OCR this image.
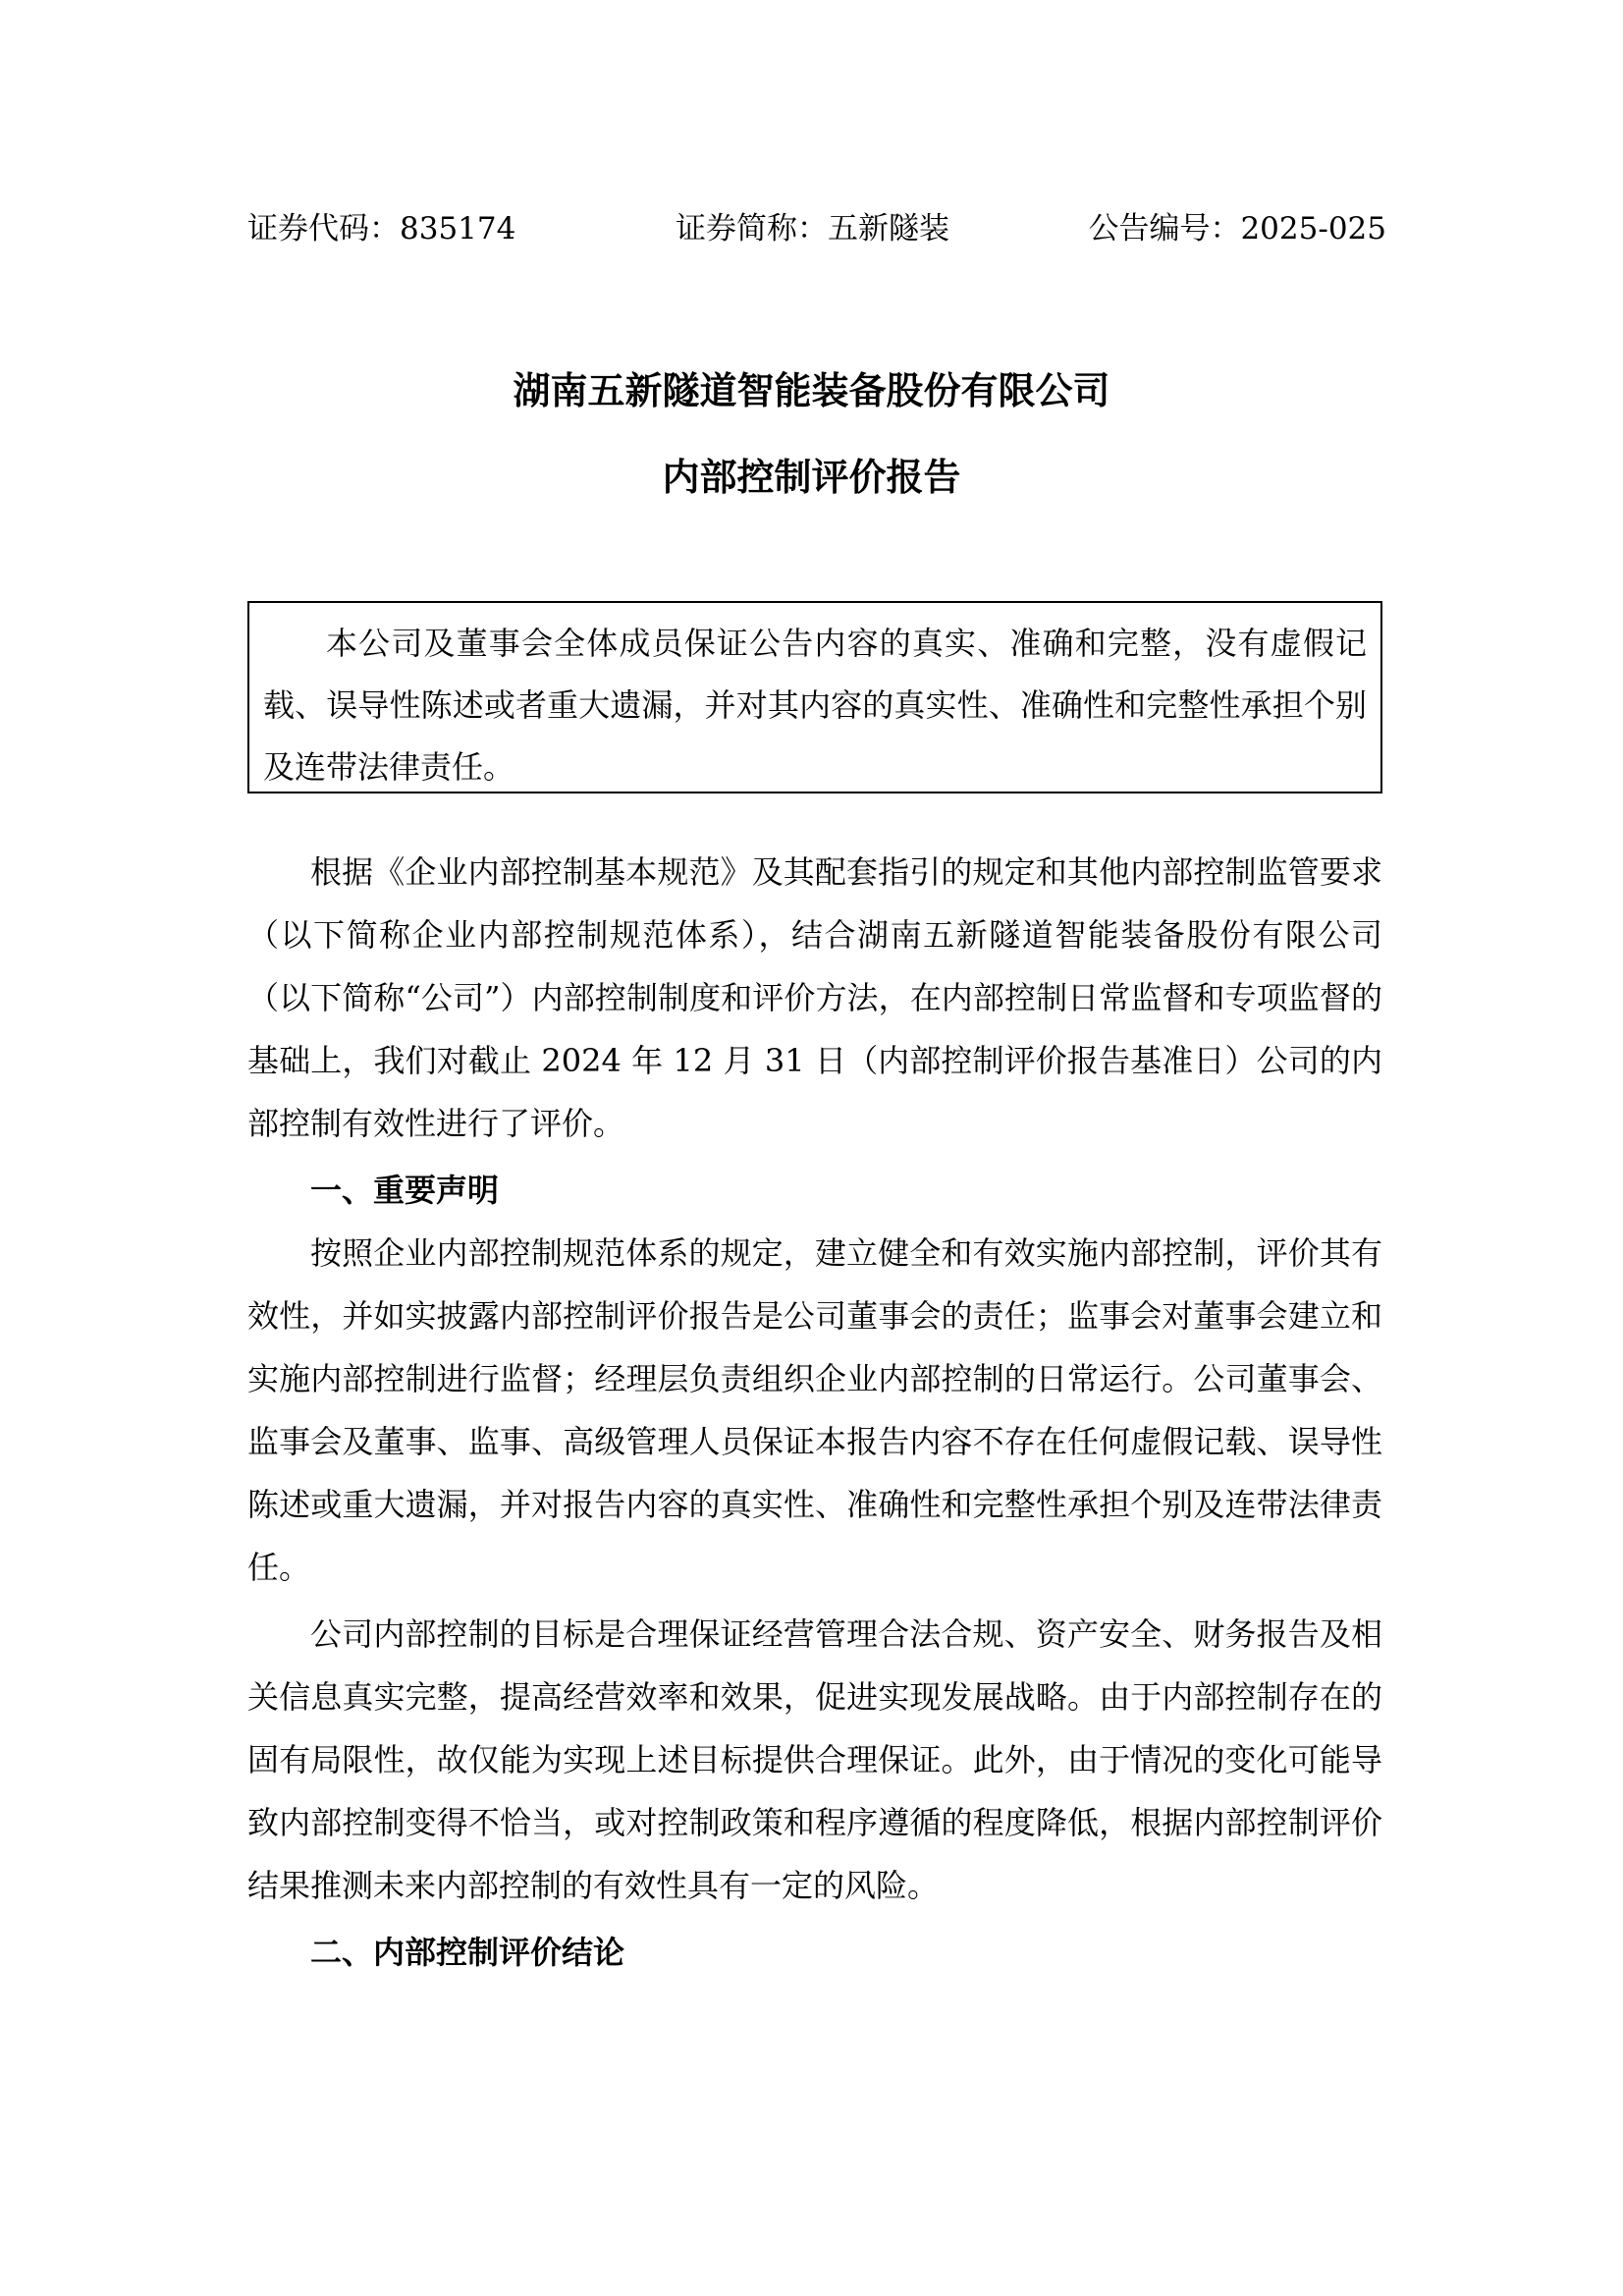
证券代码：835174	证券简称：五新隧装	公告编号：2025-025
湖南五新隧道智能装备股份有限公司
内部控制评价报告

本公司及董事会全体成员保证公告内容的真实、准确和完整，没有虚假记载、误导性陈述或者重大遗漏，并对其内容的真实性、准确性和完整性承担个别及连带法律责任。

根据《企业内部控制基本规范》及其配套指引的规定和其他内部控制监管要求（以下简称企业内部控制规范体系），结合湖南五新隧道智能装备股份有限公司（以下简称“公司”）内部控制制度和评价方法，在内部控制日常监督和专项监督的基础上，我们对截止 2024 年 12 月 31 日（内部控制评价报告基准日）公司的内部控制有效性进行了评价。

一、重要声明

按照企业内部控制规范体系的规定，建立健全和有效实施内部控制，评价其有效性，并如实披露内部控制评价报告是公司董事会的责任；监事会对董事会建立和实施内部控制进行监督；经理层负责组织企业内部控制的日常运行。公司董事会、监事会及董事、监事、高级管理人员保证本报告内容不存在任何虚假记载、误导性陈述或重大遗漏，并对报告内容的真实性、准确性和完整性承担个别及连带法律责任。

公司内部控制的目标是合理保证经营管理合法合规、资产安全、财务报告及相关信息真实完整，提高经营效率和效果，促进实现发展战略。由于内部控制存在的固有局限性，故仅能为实现上述目标提供合理保证。此外，由于情况的变化可能导致内部控制变得不恰当，或对控制政策和程序遵循的程度降低，根据内部控制评价结果推测未来内部控制的有效性具有一定的风险。

二、内部控制评价结论
